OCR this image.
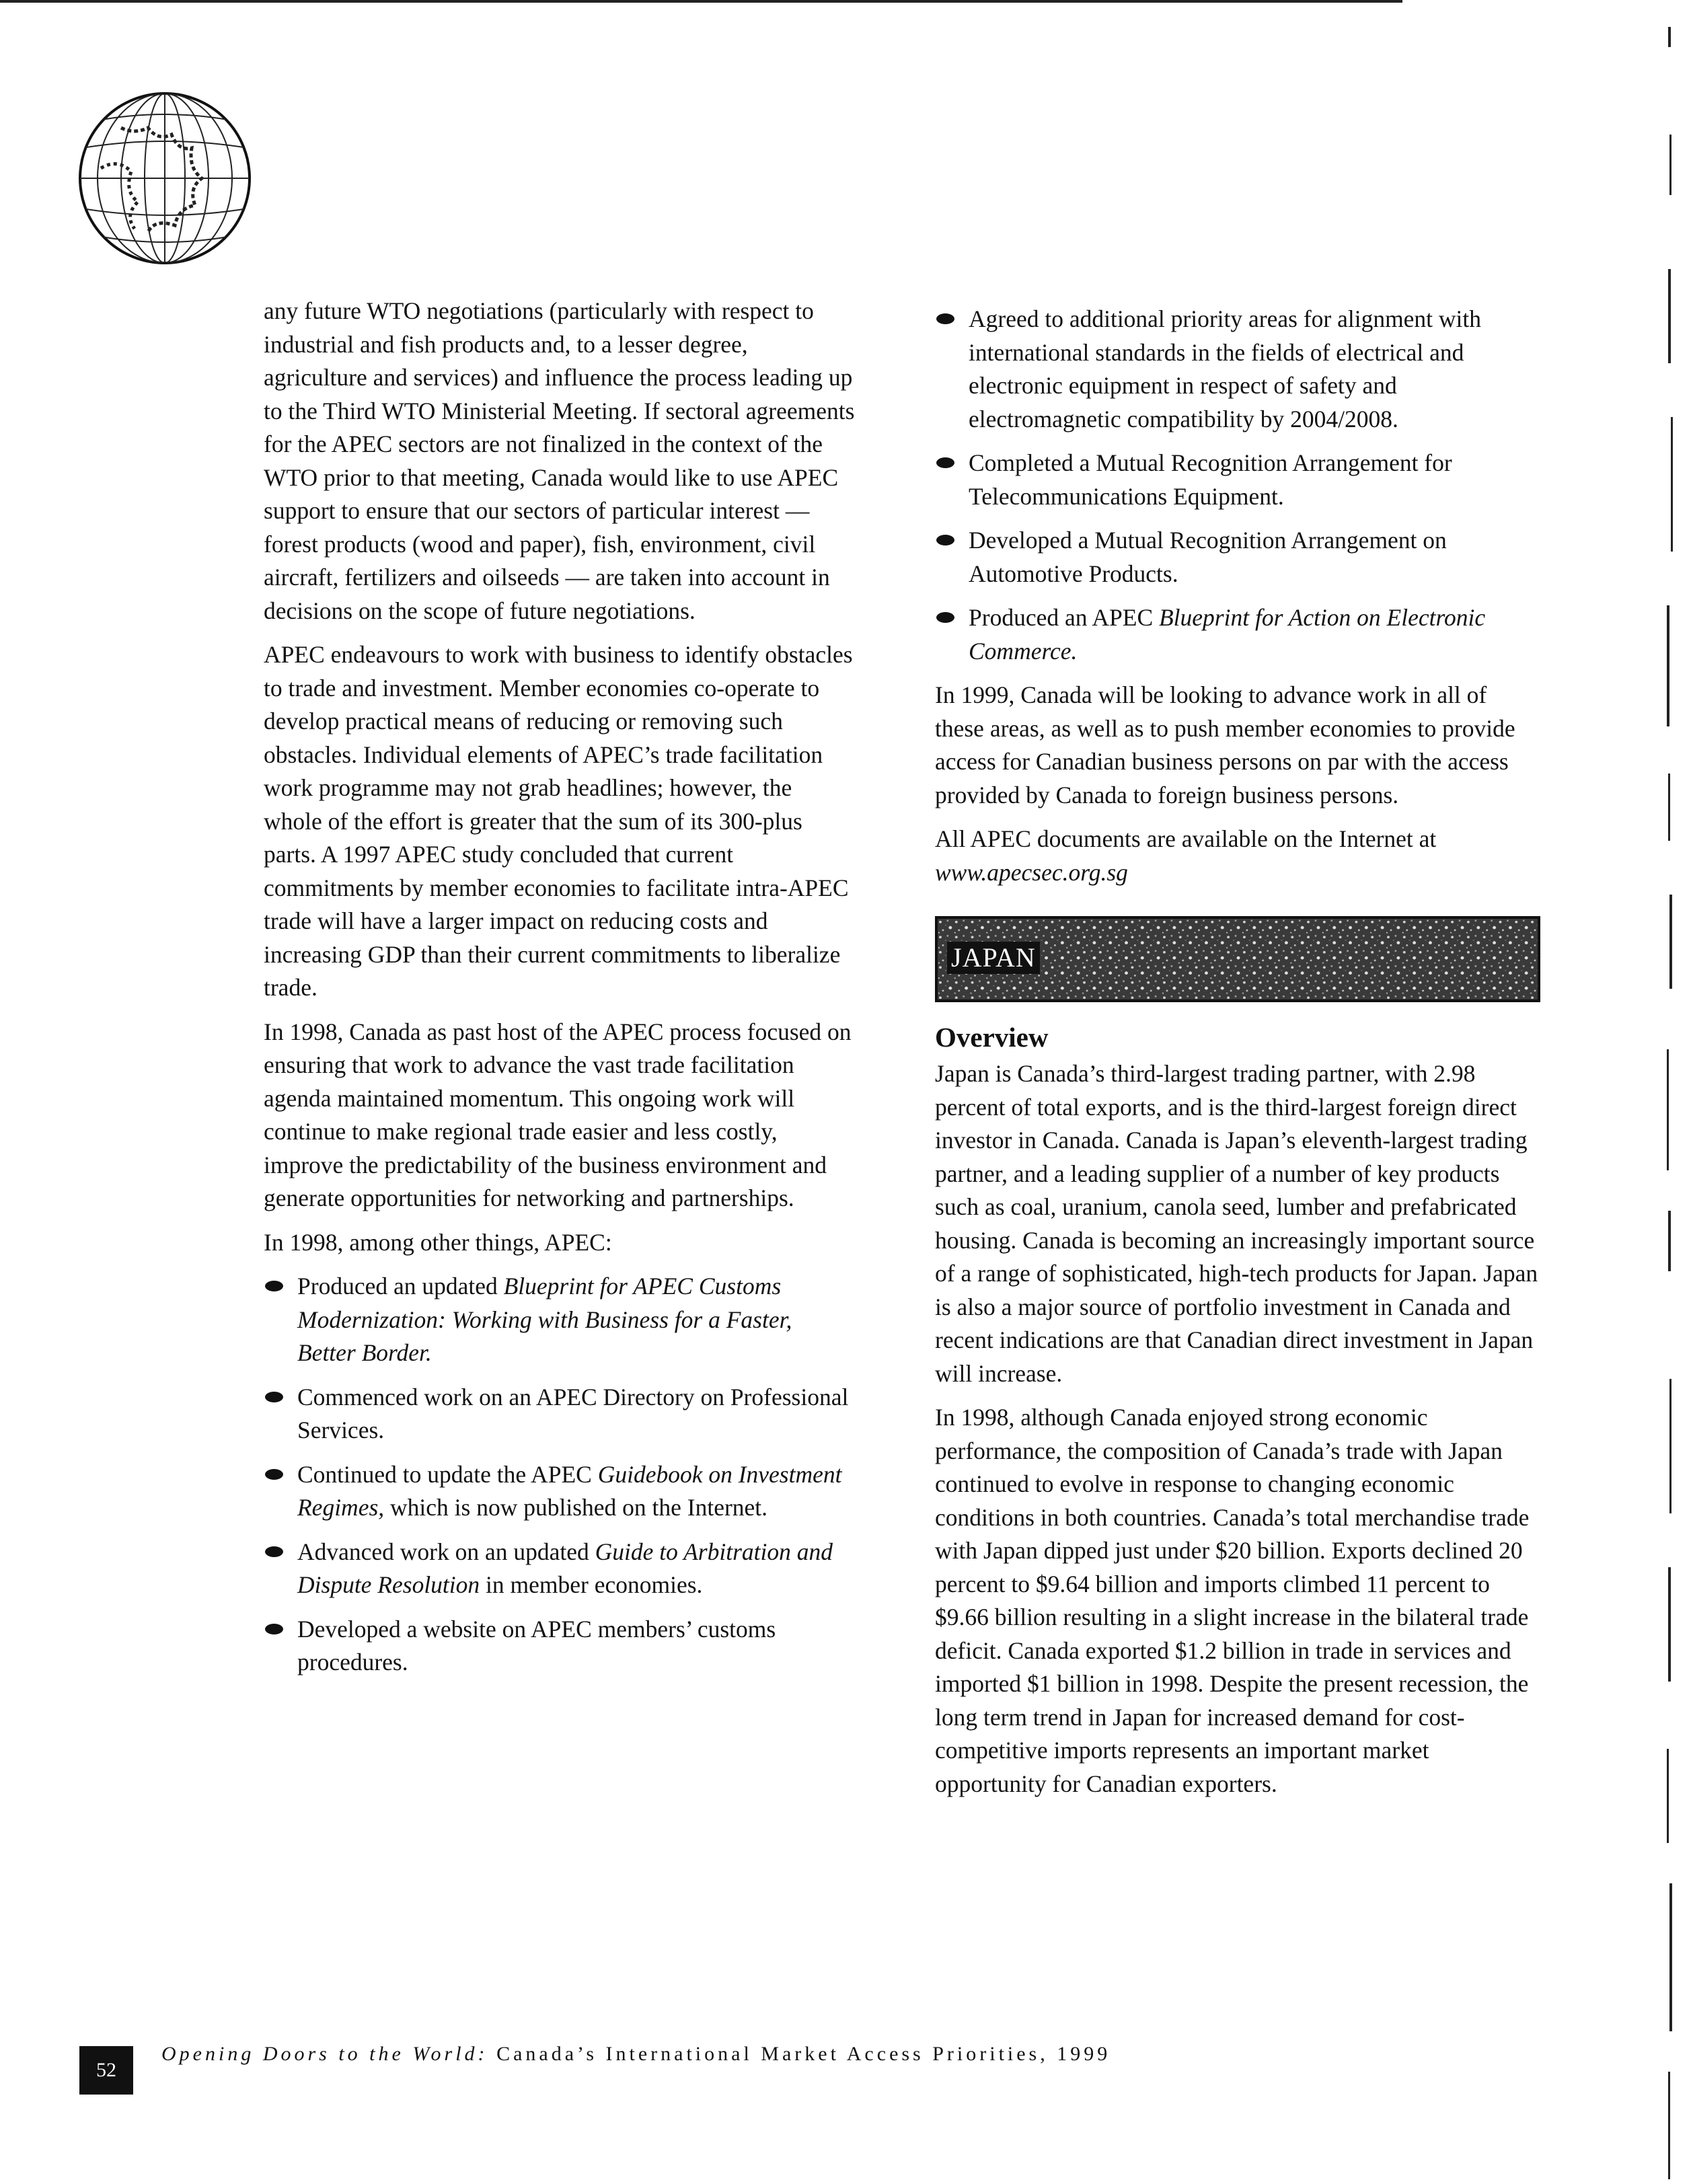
any future WTO negotiations (particularly with respect to industrial and fish products and, to a lesser degree, agriculture and services) and influence the process leading up to the Third WTO Ministerial Meeting. If sectoral agreements for the APEC sectors are not finalized in the context of the WTO prior to that meeting, Canada would like to use APEC support to ensure that our sectors of particular interest — forest products (wood and paper), fish, environment, civil aircraft, fertilizers and oilseeds — are taken into account in decisions on the scope of future negotiations.

APEC endeavours to work with business to identify obstacles to trade and investment. Member economies co-operate to develop practical means of reducing or removing such obstacles. Individual elements of APEC’s trade facilitation work programme may not grab headlines; however, the whole of the effort is greater that the sum of its 300-plus parts. A 1997 APEC study concluded that current commitments by member economies to facilitate intra-APEC trade will have a larger impact on reducing costs and increasing GDP than their current commitments to liberalize trade.

In 1998, Canada as past host of the APEC process focused on ensuring that work to advance the vast trade facilitation agenda maintained momentum. This ongoing work will continue to make regional trade easier and less costly, improve the predictability of the business environment and generate opportunities for networking and partnerships.

In 1998, among other things, APEC:

Produced an updated Blueprint for APEC Customs Modernization: Working with Business for a Faster, Better Border.
Commenced work on an APEC Directory on Professional Services.
Continued to update the APEC Guidebook on Investment Regimes, which is now published on the Internet.
Advanced work on an updated Guide to Arbitration and Dispute Resolution in member economies.
Developed a website on APEC members’ customs procedures.
Agreed to additional priority areas for alignment with international standards in the fields of electrical and electronic equipment in respect of safety and electromagnetic compatibility by 2004/2008.
Completed a Mutual Recognition Arrangement for Telecommunications Equipment.
Developed a Mutual Recognition Arrangement on Automotive Products.
Produced an APEC Blueprint for Action on Electronic Commerce.

In 1999, Canada will be looking to advance work in all of these areas, as well as to push member economies to provide access for Canadian business persons on par with the access provided by Canada to foreign business persons.

All APEC documents are available on the Internet at
www.apecsec.org.sg

JAPAN
Overview

Japan is Canada’s third-largest trading partner, with 2.98 percent of total exports, and is the third-largest foreign direct investor in Canada. Canada is Japan’s eleventh-largest trading partner, and a leading supplier of a number of key products such as coal, uranium, canola seed, lumber and prefabricated housing. Canada is becoming an increasingly important source of a range of sophisticated, high-tech products for Japan. Japan is also a major source of portfolio investment in Canada and recent indications are that Canadian direct investment in Japan will increase.

In 1998, although Canada enjoyed strong economic performance, the composition of Canada’s trade with Japan continued to evolve in response to changing economic conditions in both countries. Canada’s total merchandise trade with Japan dipped just under $20 billion. Exports declined 20 percent to $9.64 billion and imports climbed 11 percent to $9.66 billion resulting in a slight increase in the bilateral trade deficit. Canada exported $1.2 billion in trade in services and imported $1 billion in 1998. Despite the present recession, the long term trend in Japan for increased demand for cost-competitive imports represents an important market opportunity for Canadian exporters.

52
Opening Doors to the World: Canada’s International Market Access Priorities, 1999
